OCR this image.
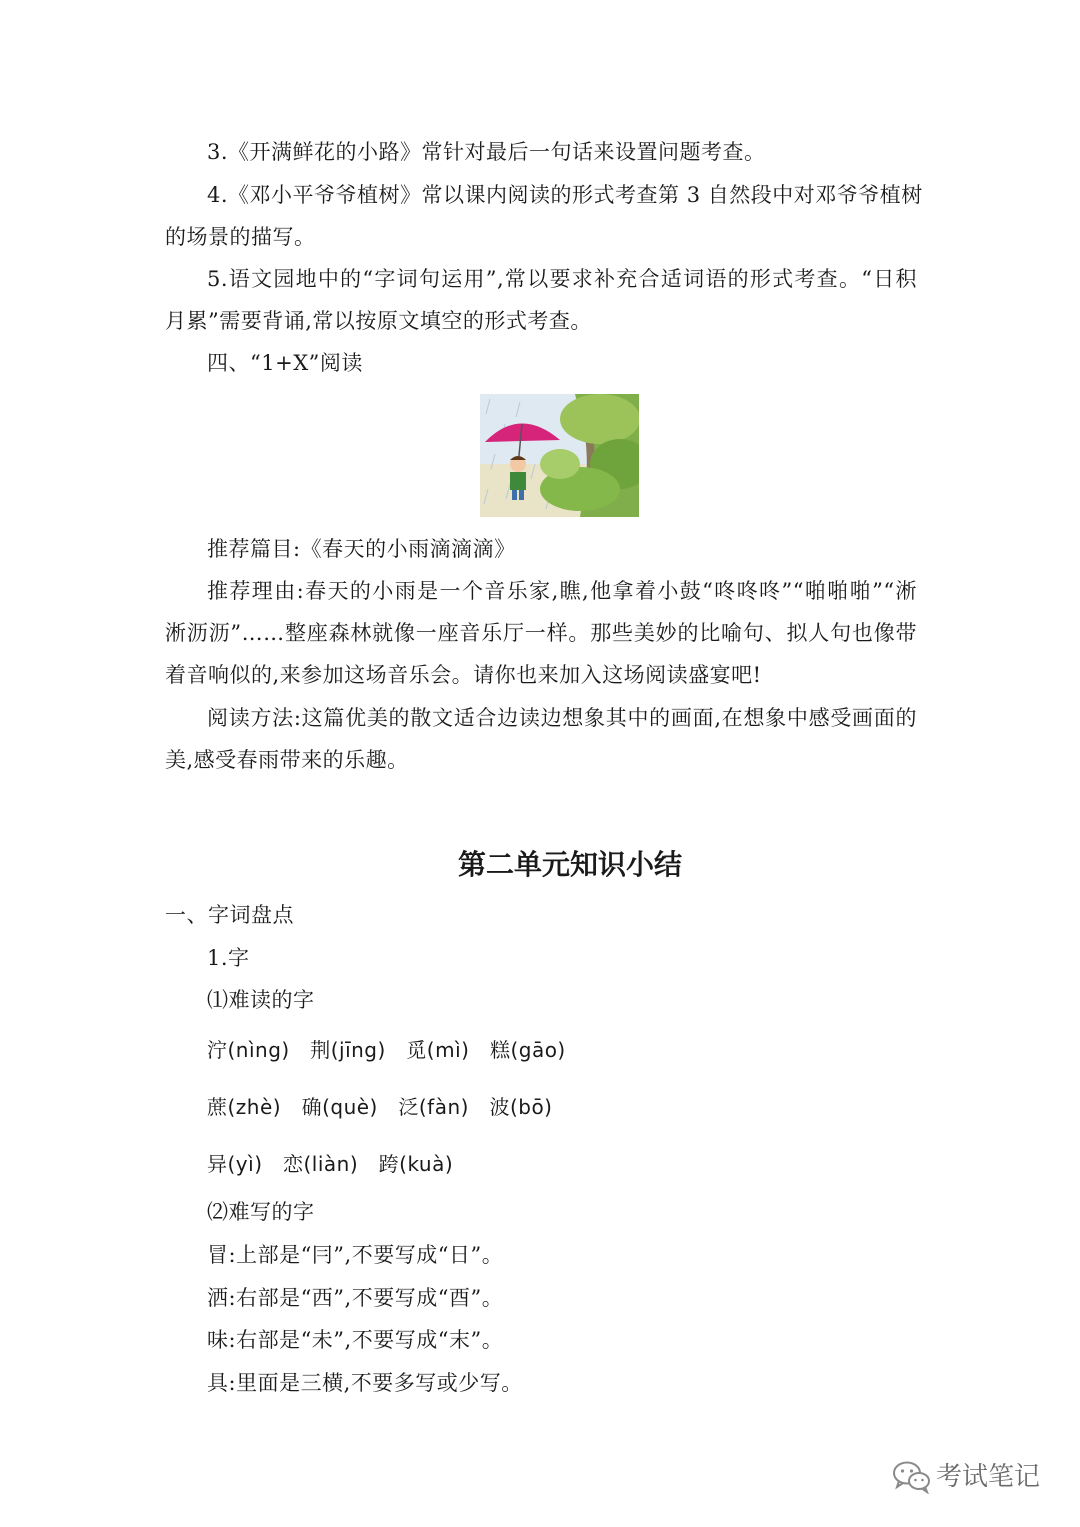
3.《开满鲜花的小路》常针对最后一句话来设置问题考查。
4.《邓小平爷爷植树》常以课内阅读的形式考查第 3 自然段中对邓爷爷植树
的场景的描写。
5.语文园地中的“字词句运用”,常以要求补充合适词语的形式考查。“日积
月累”需要背诵,常以按原文填空的形式考查。
四、“1+X”阅读
推荐篇目:《春天的小雨滴滴滴》
推荐理由:春天的小雨是一个音乐家,瞧,他拿着小鼓“咚咚咚”“啪啪啪”“淅
淅沥沥”……整座森林就像一座音乐厅一样。那些美妙的比喻句、拟人句也像带
着音响似的,来参加这场音乐会。请你也来加入这场阅读盛宴吧!
阅读方法:这篇优美的散文适合边读边想象其中的画面,在想象中感受画面的
美,感受春雨带来的乐趣。
第二单元知识小结
一、字词盘点
1.字
⑴难读的字
泞(nìng)　荆(jīng)　觅(mì)　糕(gāo)
蔗(zhè)　确(què)　泛(fàn)　波(bō)
异(yì)　恋(liàn)　跨(kuà)
⑵难写的字
冒:上部是“冃”,不要写成“日”。
洒:右部是“西”,不要写成“酉”。
味:右部是“未”,不要写成“末”。
具:里面是三横,不要多写或少写。
考试笔记
